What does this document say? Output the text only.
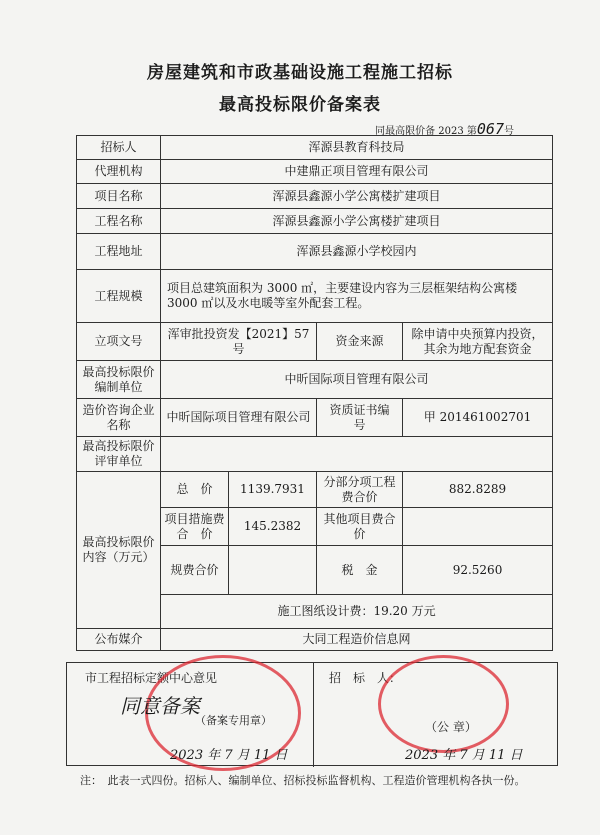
房屋建筑和市政基础设施工程施工招标
最高投标限价备案表
同最高限价备 2023 第067号
招标人	浑源县教育科技局			
代理机构	中建鼎正项目管理有限公司			
项目名称	浑源县鑫源小学公寓楼扩建项目			
工程名称	浑源县鑫源小学公寓楼扩建项目			
工程地址	浑源县鑫源小学校园内			
工程规模	项目总建筑面积为 3000 ㎡，主要建设内容为三层框架结构公寓楼 3000 ㎡以及水电暖等室外配套工程。			
立项文号	浑审批投资发【2021】57 号		资金来源	除申请中央预算内投资，其余为地方配套资金
最高投标限价编制单位	中昕国际项目管理有限公司			
造价咨询企业名称	中昕国际项目管理有限公司		资质证书编　　号	甲 201461002701
最高投标限价评审单位				
最高投标限价内容（万元）	总　价	1139.7931	分部分项工程费合价	882.8289
	项目措施费合　价	145.2382	其他项目费合　价	
	规费合价		税　金	92.5260
	施工图纸设计费：19.20 万元			
公布媒介	大同工程造价信息网			
市工程招标定额中心意见	招　标　人：
同意备案
（备案专用章）
2023 年 7 月 11 日
（公 章）
2023 年 7 月 11 日
注：　此表一式四份。招标人、编制单位、招标投标监督机构、工程造价管理机构各执一份。
